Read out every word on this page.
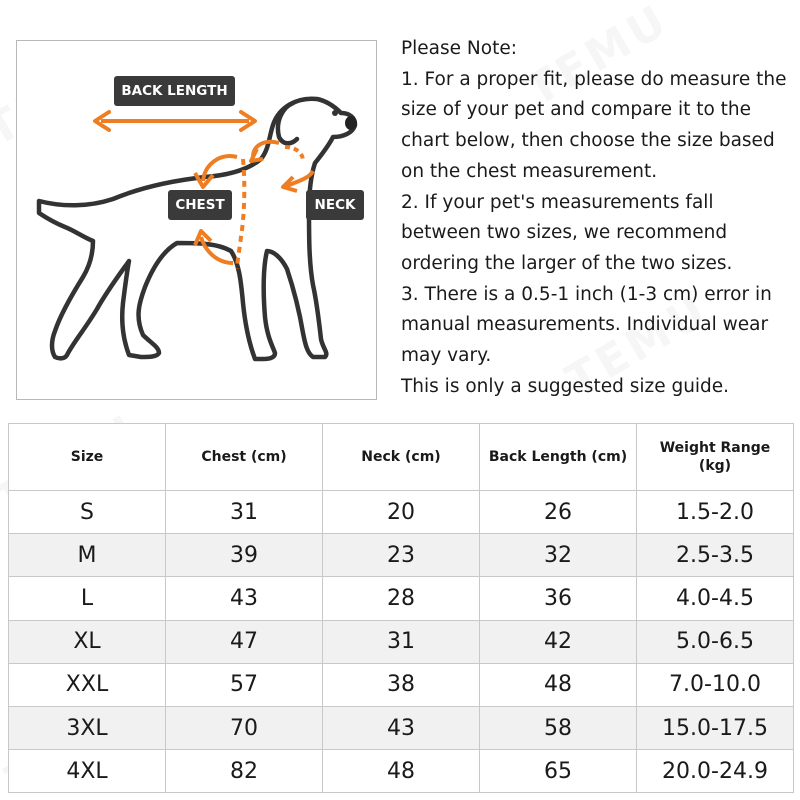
BACK LENGTH
CHEST	NECK
Please Note:
1. For a proper fit, please do measure the size of your pet and compare it to the chart below, then choose the size based on the chest measurement.
2. If your pet's measurements fall between two sizes, we recommend ordering the larger of the two sizes.
3. There is a 0.5-1 inch (1-3 cm) error in manual measurements. Individual wear may vary.
This is only a suggested size guide.
Size	Chest (cm)	Neck (cm)	Back Length (cm)	Weight Range (kg)
S	31	20	26	1.5-2.0
M	39	23	32	2.5-3.5
L	43	28	36	4.0-4.5
XL	47	31	42	5.0-6.5
XXL	57	38	48	7.0-10.0
3XL	70	43	58	15.0-17.5
4XL	82	48	65	20.0-24.9
